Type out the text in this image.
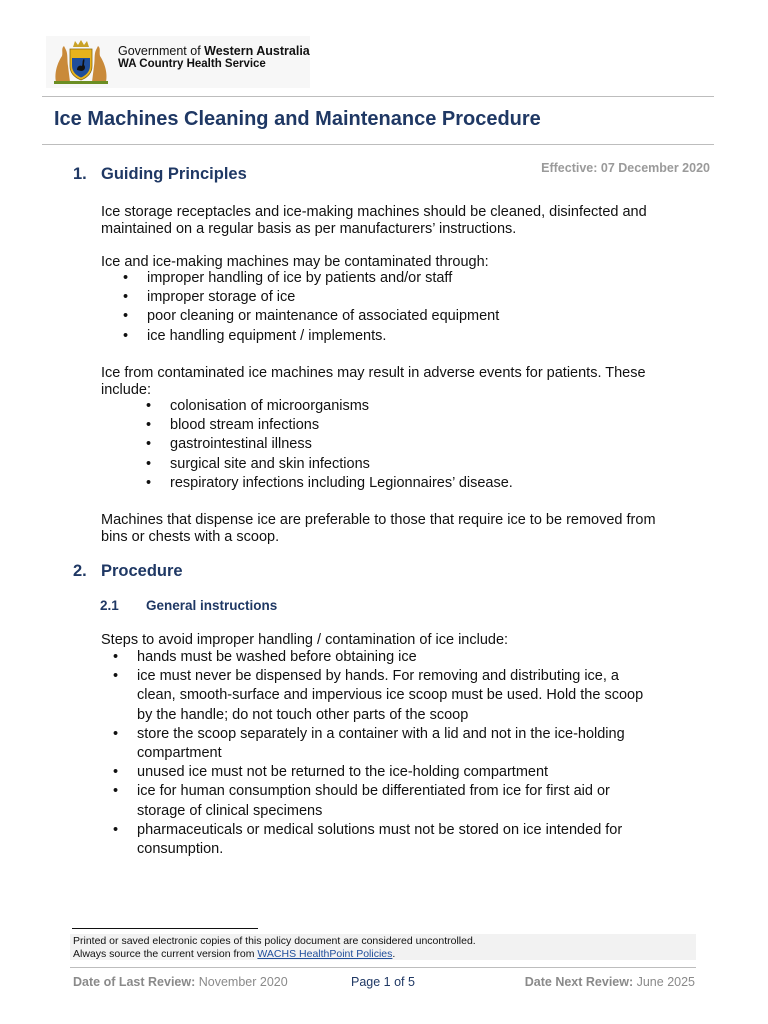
Government of Western Australia
WA Country Health Service
Ice Machines Cleaning and Maintenance Procedure
Effective: 07 December 2020
1. Guiding Principles
Ice storage receptacles and ice-making machines should be cleaned, disinfected and maintained on a regular basis as per manufacturers’ instructions.
Ice and ice-making machines may be contaminated through:
• improper handling of ice by patients and/or staff
• improper storage of ice
• poor cleaning or maintenance of associated equipment
• ice handling equipment / implements.
Ice from contaminated ice machines may result in adverse events for patients. These include:
• colonisation of microorganisms
• blood stream infections
• gastrointestinal illness
• surgical site and skin infections
• respiratory infections including Legionnaires’ disease.
Machines that dispense ice are preferable to those that require ice to be removed from bins or chests with a scoop.
2. Procedure
2.1 General instructions
Steps to avoid improper handling / contamination of ice include:
• hands must be washed before obtaining ice
• ice must never be dispensed by hands. For removing and distributing ice, a clean, smooth-surface and impervious ice scoop must be used. Hold the scoop by the handle; do not touch other parts of the scoop
• store the scoop separately in a container with a lid and not in the ice-holding compartment
• unused ice must not be returned to the ice-holding compartment
• ice for human consumption should be differentiated from ice for first aid or storage of clinical specimens
• pharmaceuticals or medical solutions must not be stored on ice intended for consumption.
Printed or saved electronic copies of this policy document are considered uncontrolled.
Always source the current version from WACHS HealthPoint Policies.
Date of Last Review: November 2020	Page 1 of 5	Date Next Review: June 2025
